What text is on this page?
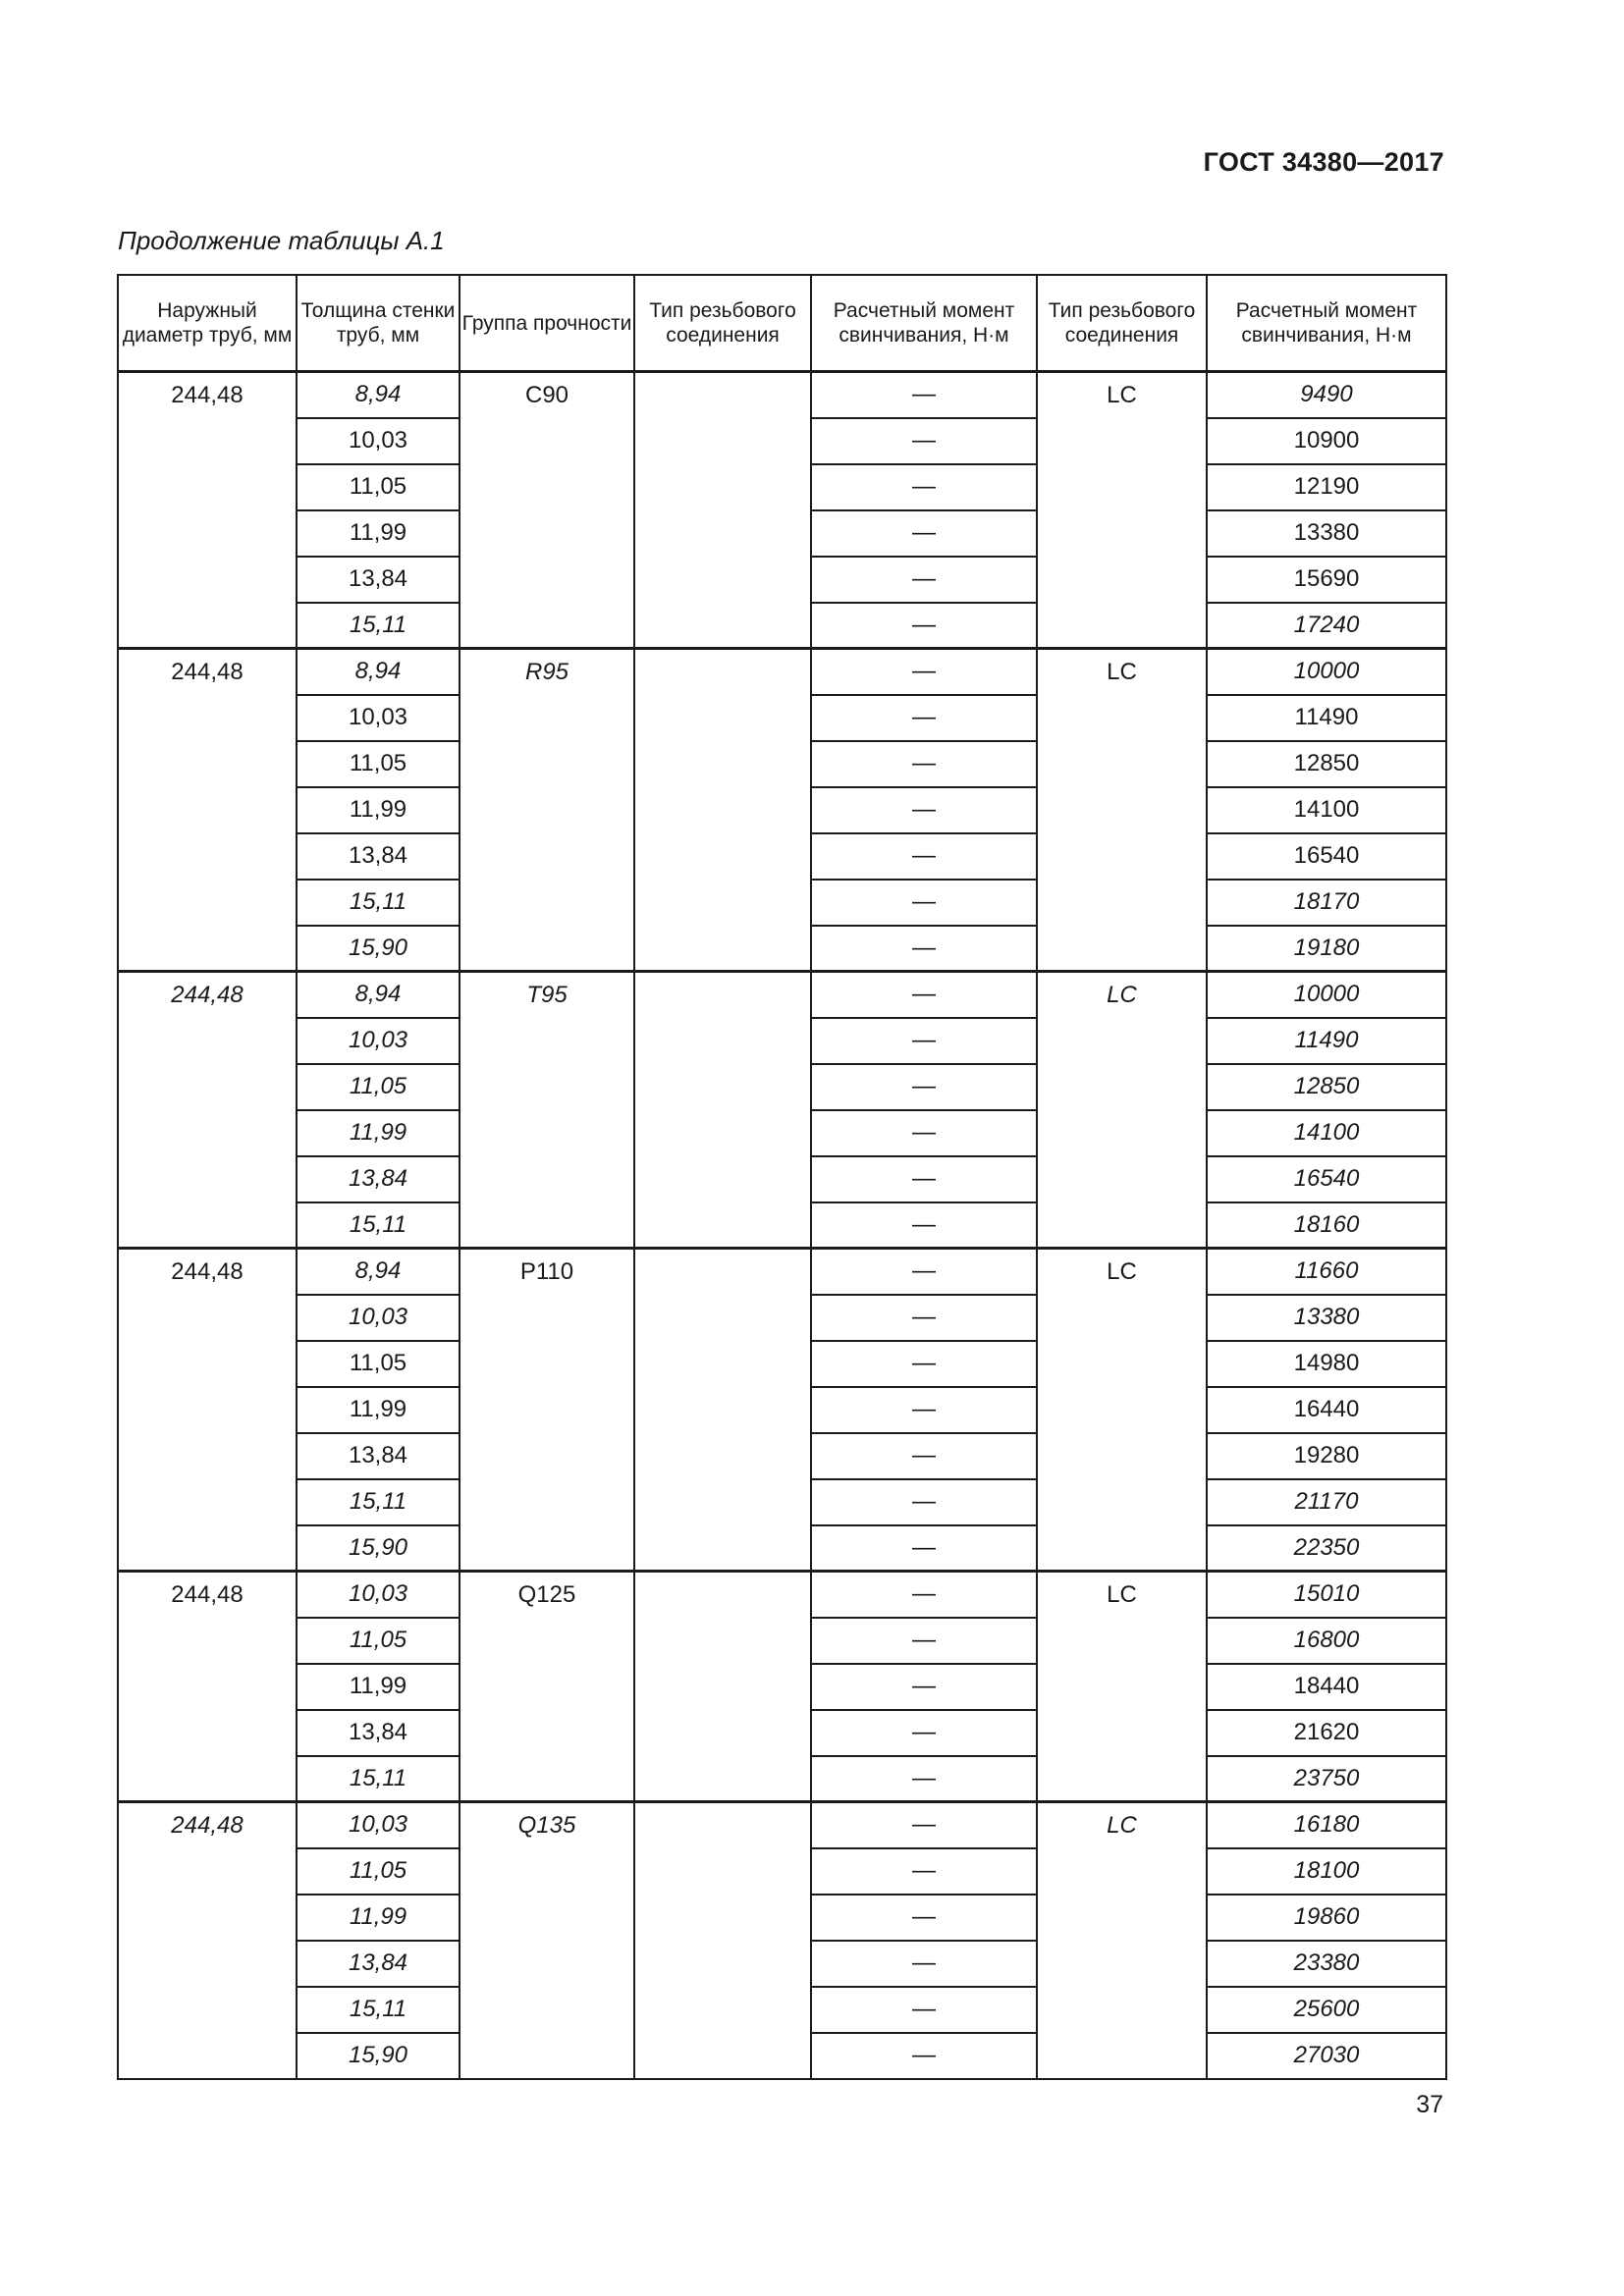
ГОСТ 34380—2017
Продолжение таблицы А.1
Наружный диаметр труб, мм	Толщина стенки труб, мм	Группа прочности	Тип резьбового соединения	Расчетный момент свинчивания, Н·м	Тип резьбового соединения	Расчетный момент свинчивания, Н·м
244,48	8,94	C90		—	LC	9490
	10,03			—		10900
	11,05			—		12190
	11,99			—		13380
	13,84			—		15690
	15,11			—		17240
244,48	8,94	R95		—	LC	10000
	10,03			—		11490
	11,05			—		12850
	11,99			—		14100
	13,84			—		16540
	15,11			—		18170
	15,90			—		19180
244,48	8,94	T95		—	LC	10000
	10,03			—		11490
	11,05			—		12850
	11,99			—		14100
	13,84			—		16540
	15,11			—		18160
244,48	8,94	P110		—	LC	11660
	10,03			—		13380
	11,05			—		14980
	11,99			—		16440
	13,84			—		19280
	15,11			—		21170
	15,90			—		22350
244,48	10,03	Q125		—	LC	15010
	11,05			—		16800
	11,99			—		18440
	13,84			—		21620
	15,11			—		23750
244,48	10,03	Q135		—	LC	16180
	11,05			—		18100
	11,99			—		19860
	13,84			—		23380
	15,11			—		25600
	15,90			—		27030
37
